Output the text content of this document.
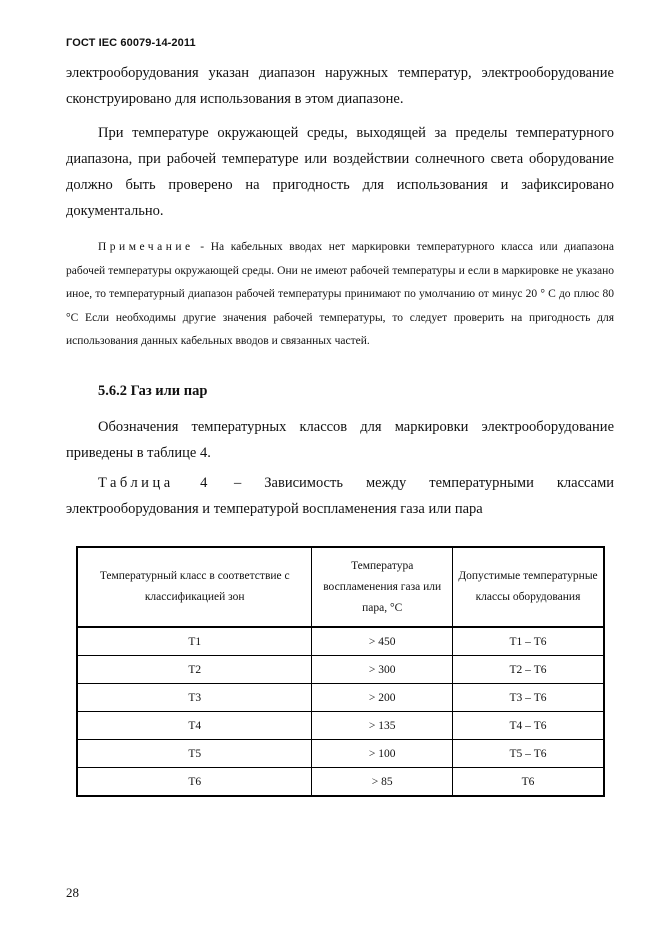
ГОСТ IEC 60079-14-2011

электрооборудования указан диапазон наружных температур, электрооборудование сконструировано для использования в этом диапазоне.

При температуре окружающей среды, выходящей за пределы температурного диапазона, при рабочей температуре или воздействии солнечного света оборудование должно быть проверено на пригодность для использования и зафиксировано документально.

Примечание - На кабельных вводах нет маркировки температурного класса или диапазона рабочей температуры окружающей среды. Они не имеют рабочей температуры и если в маркировке не указано иное, то температурный диапазон рабочей температуры принимают по умолчанию от минус 20 ° С до плюс 80 °С Если необходимы другие значения рабочей температуры, то следует проверить на пригодность для использования данных кабельных вводов и связанных частей.

5.6.2 Газ или пар

Обозначения температурных классов для маркировки электрооборудование приведены в таблице 4.

Таблица 4 – Зависимость между температурными классами электрооборудования и температурой воспламенения газа или пара

Температурный класс в соответствие с классификацией зон	Температура воспламенения газа или пара, °С	Допустимые температурные классы оборудования
Т1	> 450	Т1 – Т6
Т2	> 300	Т2 – Т6
Т3	> 200	Т3 – Т6
Т4	> 135	Т4 – Т6
Т5	> 100	Т5 – Т6
Т6	> 85	Т6
28
